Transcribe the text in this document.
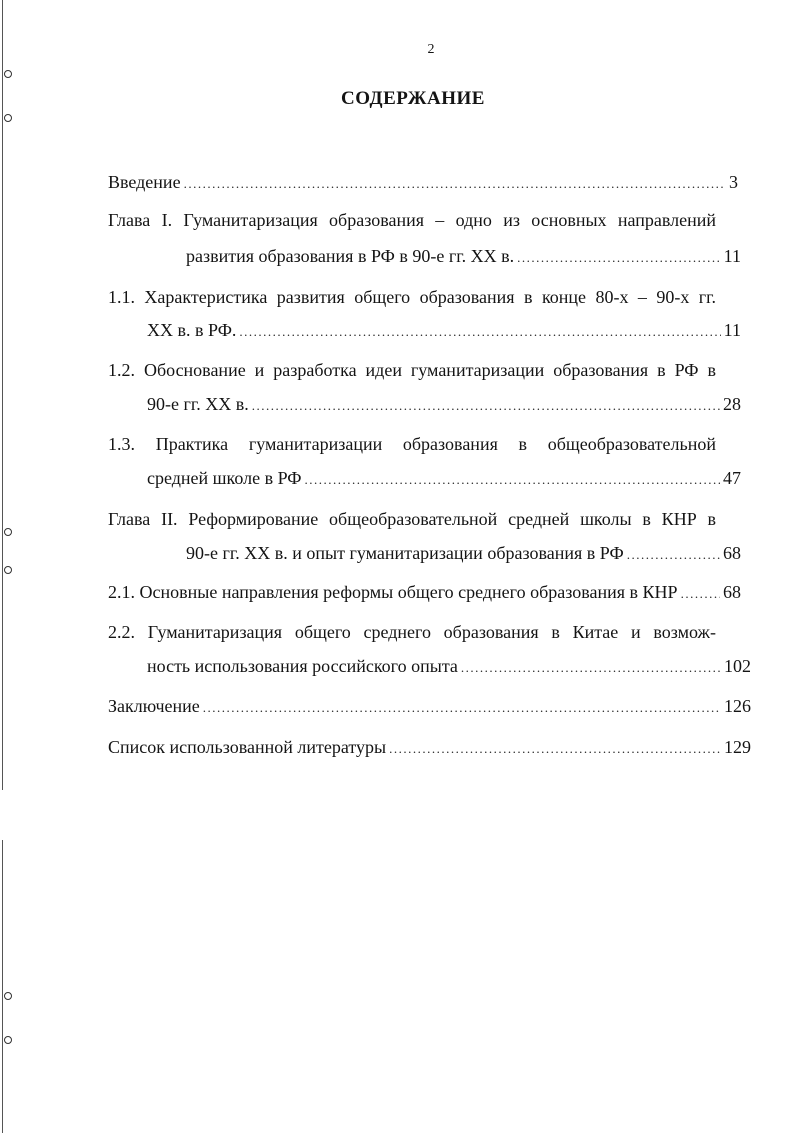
2
СОДЕРЖАНИЕ
Введение .....	3
Глава I. Гуманитаризация образования – одно из основных направлений
развития образования в РФ в 90-е гг. ХХ в. .....	11
1.1. Характеристика развития общего образования в конце 80-х – 90-х гг.
ХХ в. в РФ. .....	11
1.2. Обоснование и разработка идеи гуманитаризации образования в РФ в
90-е гг. ХХ в. .....	28
1.3. Практика гуманитаризации образования в общеобразовательной
средней школе в РФ .....	47
Глава II. Реформирование общеобразовательной средней школы в КНР в
90-е гг. ХХ в. и опыт гуманитаризации образования в РФ .....	68
2.1. Основные направления реформы общего среднего образования в КНР .....	68
2.2. Гуманитаризация общего среднего образования в Китае и возмож-
ность использования российского опыта .....	102
Заключение .....	126
Список использованной литературы .....	129
